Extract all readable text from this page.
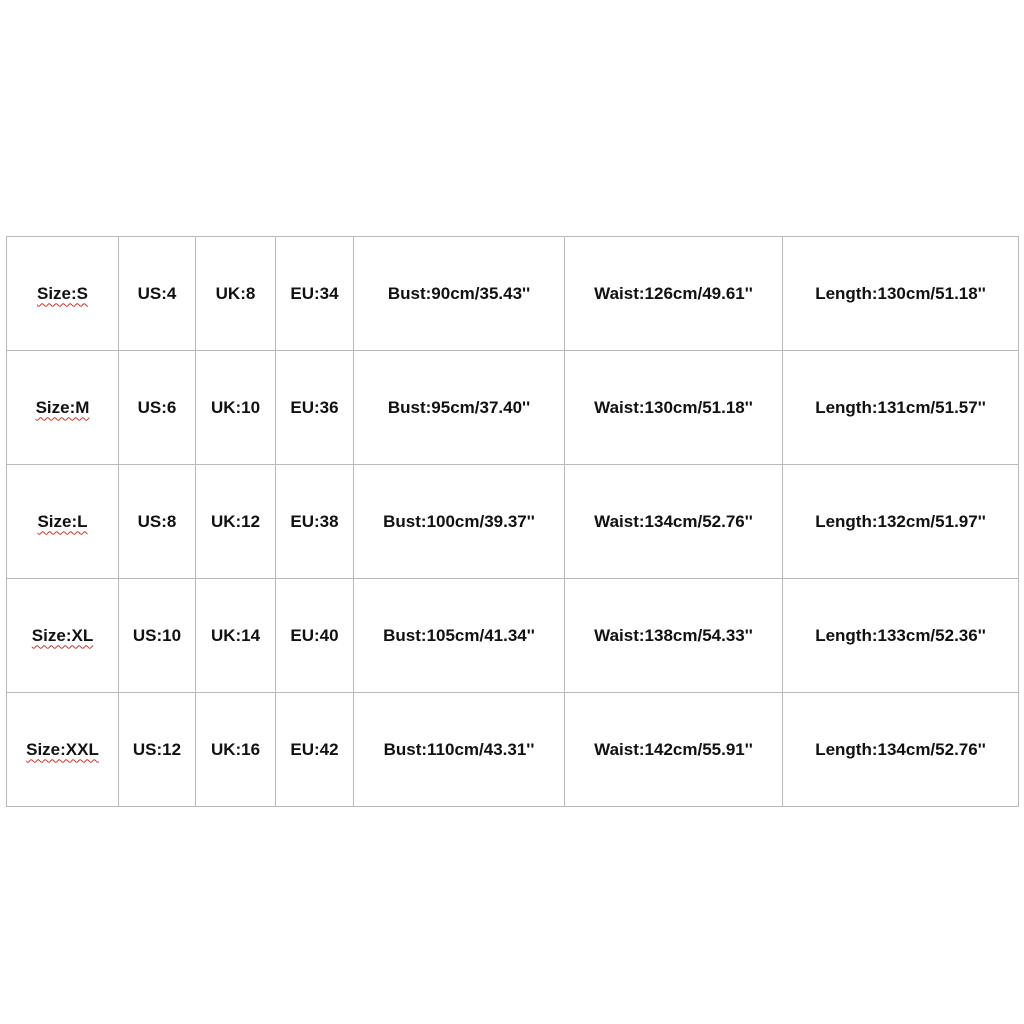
Size:S	US:4	UK:8	EU:34	Bust:90cm/35.43''	Waist:126cm/49.61''	Length:130cm/51.18''
Size:M	US:6	UK:10	EU:36	Bust:95cm/37.40''	Waist:130cm/51.18''	Length:131cm/51.57''
Size:L	US:8	UK:12	EU:38	Bust:100cm/39.37''	Waist:134cm/52.76''	Length:132cm/51.97''
Size:XL	US:10	UK:14	EU:40	Bust:105cm/41.34''	Waist:138cm/54.33''	Length:133cm/52.36''
Size:XXL	US:12	UK:16	EU:42	Bust:110cm/43.31''	Waist:142cm/55.91''	Length:134cm/52.76''
